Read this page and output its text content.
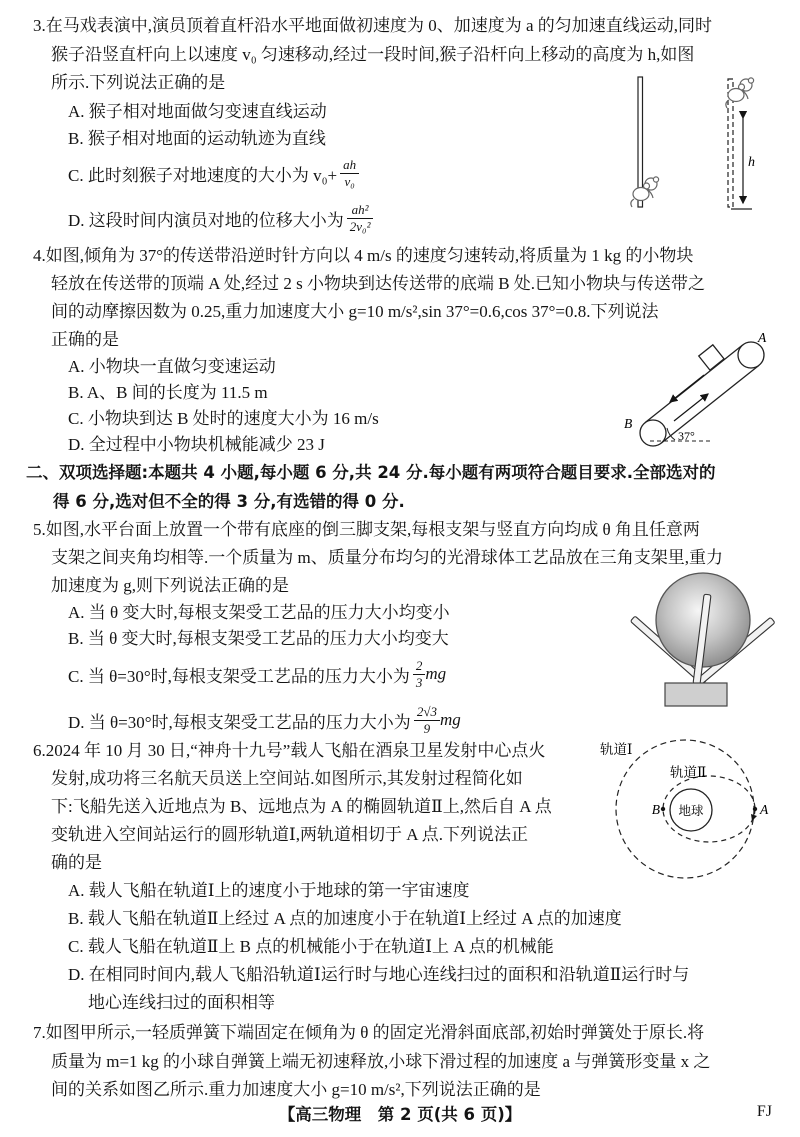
3.在马戏表演中,演员顶着直杆沿水平地面做初速度为 0、加速度为 a 的匀加速直线运动,同时
猴子沿竖直杆向上以速度 v₀ 匀速移动,经过一段时间,猴子沿杆向上移动的高度为 h,如图
所示.下列说法正确的是
A. 猴子相对地面做匀变速直线运动
B. 猴子相对地面的运动轨迹为直线
C. 此时刻猴子对地速度的大小为 $v_0+ \frac{ah}{\text{v₀}}$
D. 这段时间内演员对地的位移大小为 $\frac{\text{ah²}}{\text{2v₀²}}$
h
4.如图,倾角为 37°的传送带沿逆时针方向以 4 m/s 的速度匀速转动,将质量为 1 kg 的小物块
轻放在传送带的顶端 A 处,经过 2 s 小物块到达传送带的底端 B 处.已知小物块与传送带之
间的动摩擦因数为 0.25,重力加速度大小 g=10 m/s²,sin 37°=0.6,cos 37°=0.8.下列说法
正确的是
A. 小物块一直做匀变速运动
B. A、B 间的长度为 11.5 m
C. 小物块到达 B 处时的速度大小为 16 m/s
D. 全过程中小物块机械能减少 23 J	37°
A
B
二、双项选择题:本题共 4 小题,每小题 6 分,共 24 分.每小题有两项符合题目要求.全部选对的
得 6 分,选对但不全的得 3 分,有选错的得 0 分.
5.如图,水平台面上放置一个带有底座的倒三脚支架,每根支架与竖直方向均成 θ 角且任意两
支架之间夹角均相等.一个质量为 m、质量分布均匀的光滑球体工艺品放在三角支架里,重力
加速度为 g,则下列说法正确的是
A. 当 θ 变大时,每根支架受工艺品的压力大小均变小
B. 当 θ 变大时,每根支架受工艺品的压力大小均变大
C. 当 θ=30°时,每根支架受工艺品的压力大小为 $\frac{2}{3}$ mg
D. 当 θ=30°时,每根支架受工艺品的压力大小为 $\frac{2√3}{9}$ mg
6.2024 年 10 月 30 日,“神舟十九号”载人飞船在酒泉卫星发射中心点火
发射,成功将三名航天员送上空间站.如图所示,其发射过程简化如
下:飞船先送入近地点为 B、远地点为 A 的椭圆轨道Ⅱ上,然后自 A 点
变轨进入空间站运行的圆形轨道Ⅰ,两轨道相切于 A 点.下列说法正
确的是
A. 载人飞船在轨道Ⅰ上的速度小于地球的第一宇宙速度
B. 载人飞船在轨道Ⅱ上经过 A 点的加速度小于在轨道Ⅰ上经过 A 点的加速度
C. 载人飞船在轨道Ⅱ上 B 点的机械能小于在轨道Ⅰ上 A 点的机械能
D. 在相同时间内,载人飞船沿轨道Ⅰ运行时与地心连线扫过的面积和沿轨道Ⅱ运行时与
地心连线扫过的面积相等
地球
轨道Ⅰ
轨道Ⅱ
B	A
7.如图甲所示,一轻质弹簧下端固定在倾角为 θ 的固定光滑斜面底部,初始时弹簧处于原长.将
质量为 m=1 kg 的小球自弹簧上端无初速释放,小球下滑过程的加速度 a 与弹簧形变量 x 之
间的关系如图乙所示.重力加速度大小 g=10 m/s²,下列说法正确的是
【高三物理　第 2 页(共 6 页)】	FJ
